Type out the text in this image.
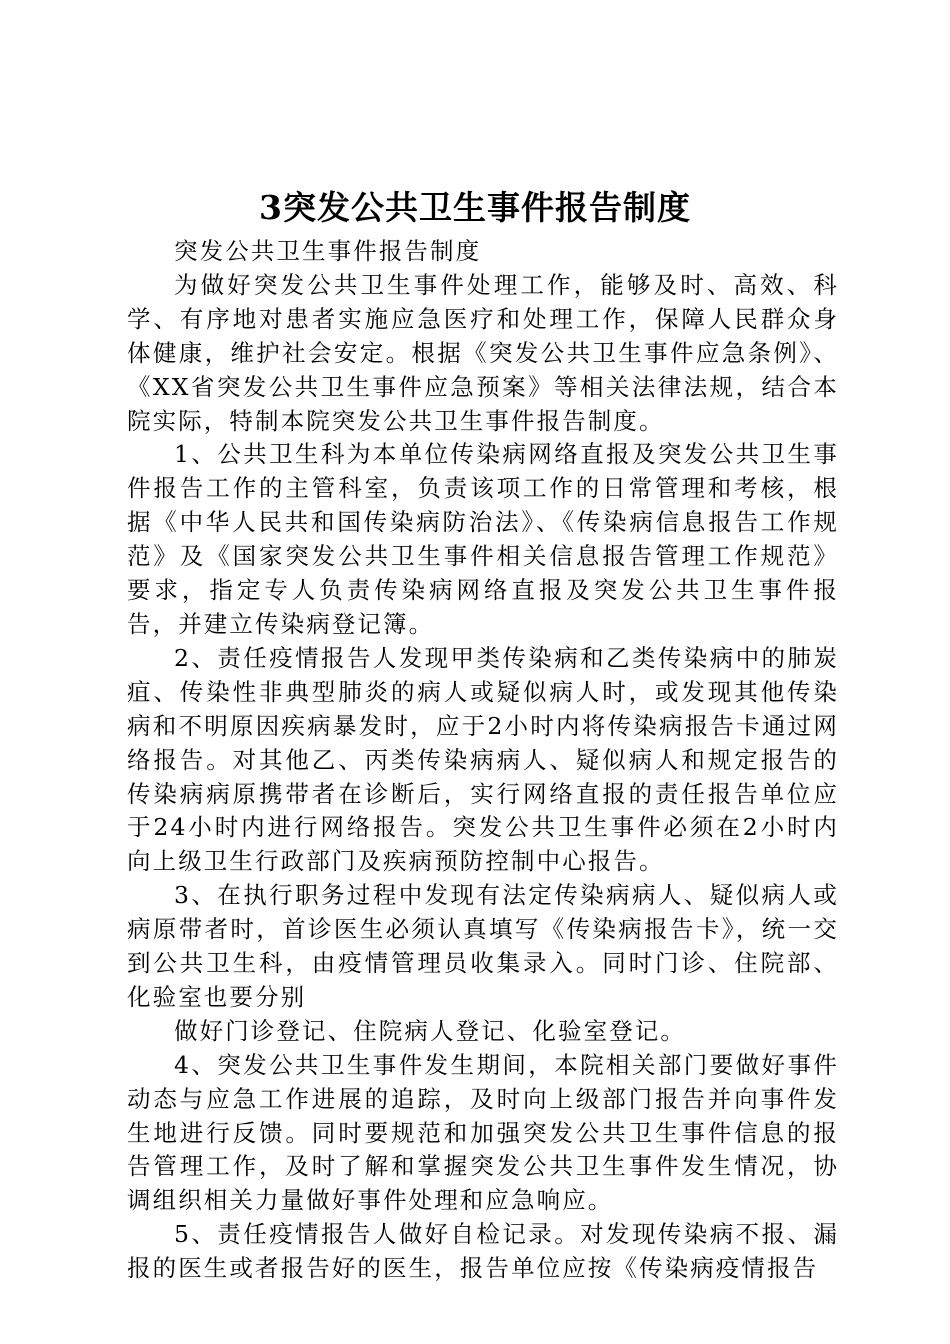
3突发公共卫生事件报告制度

突发公共卫生事件报告制度

为做好突发公共卫生事件处理工作，能够及时、高效、科学、有序地对患者实施应急医疗和处理工作，保障人民群众身体健康，维护社会安定。根据《突发公共卫生事件应急条例》、《XX省突发公共卫生事件应急预案》等相关法律法规，结合本院实际，特制本院突发公共卫生事件报告制度。

1、公共卫生科为本单位传染病网络直报及突发公共卫生事件报告工作的主管科室，负责该项工作的日常管理和考核，根据《中华人民共和国传染病防治法》、《传染病信息报告工作规范》及《国家突发公共卫生事件相关信息报告管理工作规范》要求，指定专人负责传染病网络直报及突发公共卫生事件报告，并建立传染病登记簿。

2、责任疫情报告人发现甲类传染病和乙类传染病中的肺炭疽、传染性非典型肺炎的病人或疑似病人时，或发现其他传染病和不明原因疾病暴发时，应于2小时内将传染病报告卡通过网络报告。对其他乙、丙类传染病病人、疑似病人和规定报告的传染病病原携带者在诊断后，实行网络直报的责任报告单位应于24小时内进行网络报告。突发公共卫生事件必须在2小时内向上级卫生行政部门及疾病预防控制中心报告。

3、在执行职务过程中发现有法定传染病病人、疑似病人或病原带者时，首诊医生必须认真填写《传染病报告卡》，统一交到公共卫生科，由疫情管理员收集录入。同时门诊、住院部、化验室也要分别

做好门诊登记、住院病人登记、化验室登记。

4、突发公共卫生事件发生期间，本院相关部门要做好事件动态与应急工作进展的追踪，及时向上级部门报告并向事件发生地进行反馈。同时要规范和加强突发公共卫生事件信息的报告管理工作，及时了解和掌握突发公共卫生事件发生情况，协调组织相关力量做好事件处理和应急响应。

5、责任疫情报告人做好自检记录。对发现传染病不报、漏报的医生或者报告好的医生，报告单位应按《传染病疫情报告
